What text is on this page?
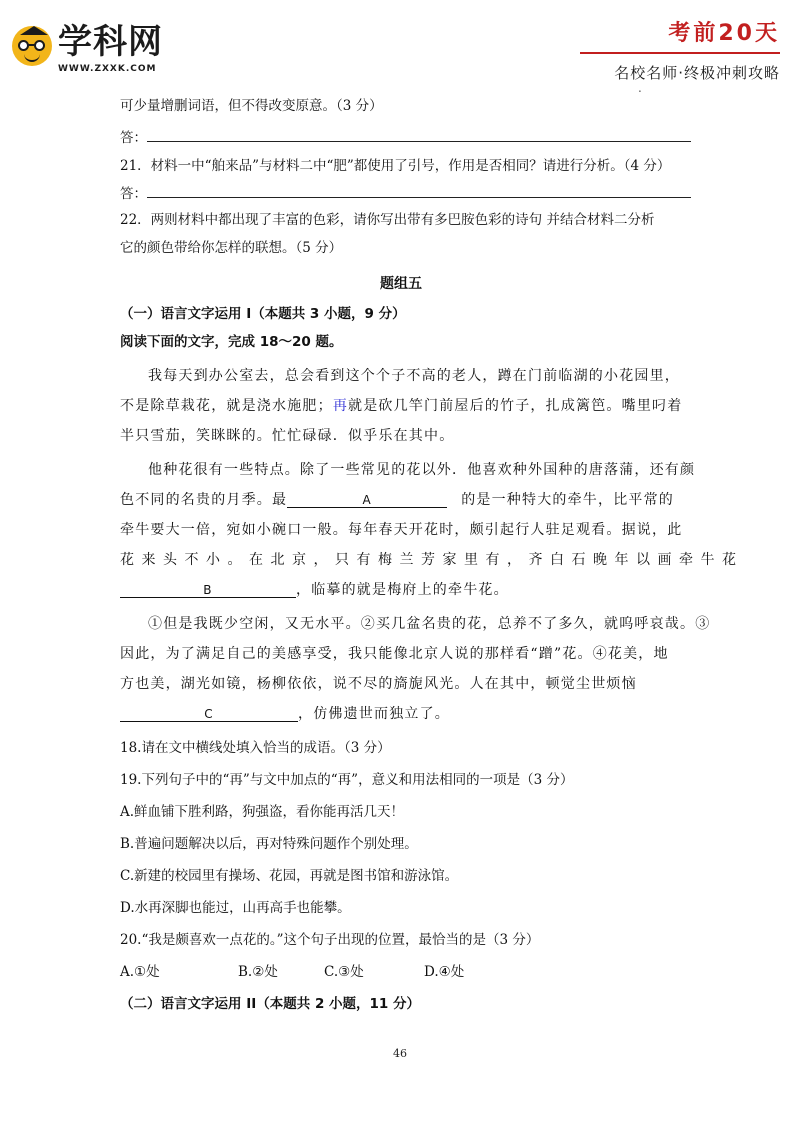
学科网
WWW.ZXXK.COM
考前20天
名校名师·终极冲刺攻略
.
可少量增删词语，但不得改变原意。（3 分）
答：
21．材料一中“舶来品”与材料二中“肥”都使用了引号，作用是否相同？请进行分析。（4 分）
答：
22．两则材料中都出现了丰富的色彩，请你写出带有多巴胺色彩的诗句 并结合材料二分析
它的颜色带给你怎样的联想。（5 分）
题组五
（一）语言文字运用 I（本题共 3 小题，9 分）
阅读下面的文字，完成 18～20 题。
我每天到办公室去，总会看到这个个子不高的老人，蹲在门前临湖的小花园里，
不是除草栽花，就是浇水施肥；再就是砍几竿门前屋后的竹子，扎成篱笆。嘴里叼着
半只雪茄，笑眯眯的。忙忙碌碌．似乎乐在其中。
他种花很有一些特点。除了一些常见的花以外．他喜欢种外国种的唐落蒲，还有颜
色不同的名贵的月季。最	A	的是一种特大的牵牛，比平常的
牵牛要大一倍，宛如小碗口一般。每年春天开花时，颇引起行人驻足观看。据说，此
花来头不小。在北京，只有梅兰芳家里有，齐白石晚年以画牵牛花
B	，临摹的就是梅府上的牵牛花。
①但是我既少空闲，又无水平。②买几盆名贵的花，总养不了多久，就呜呼哀哉。③
因此，为了满足自己的美感享受，我只能像北京人说的那样看“蹭”花。④花美，地
方也美，湖光如镜，杨柳依依，说不尽的旖旎风光。人在其中，顿觉尘世烦恼
C	，仿佛遗世而独立了。
18.请在文中横线处填入恰当的成语。（3 分）
19.下列句子中的“再”与文中加点的“再”，意义和用法相同的一项是（3 分）
A.鲜血铺下胜利路，狗强盗，看你能再活几天！
B.普遍问题解决以后，再对特殊问题作个别处理。
C.新建的校园里有操场、花园，再就是图书馆和游泳馆。
D.水再深脚也能过，山再高手也能攀。
20.“我是颇喜欢一点花的。”这个句子出现的位置，最恰当的是（3 分）
A.①处	B.②处	C.③处	D.④处
（二）语言文字运用 II（本题共 2 小题，11 分）
46
